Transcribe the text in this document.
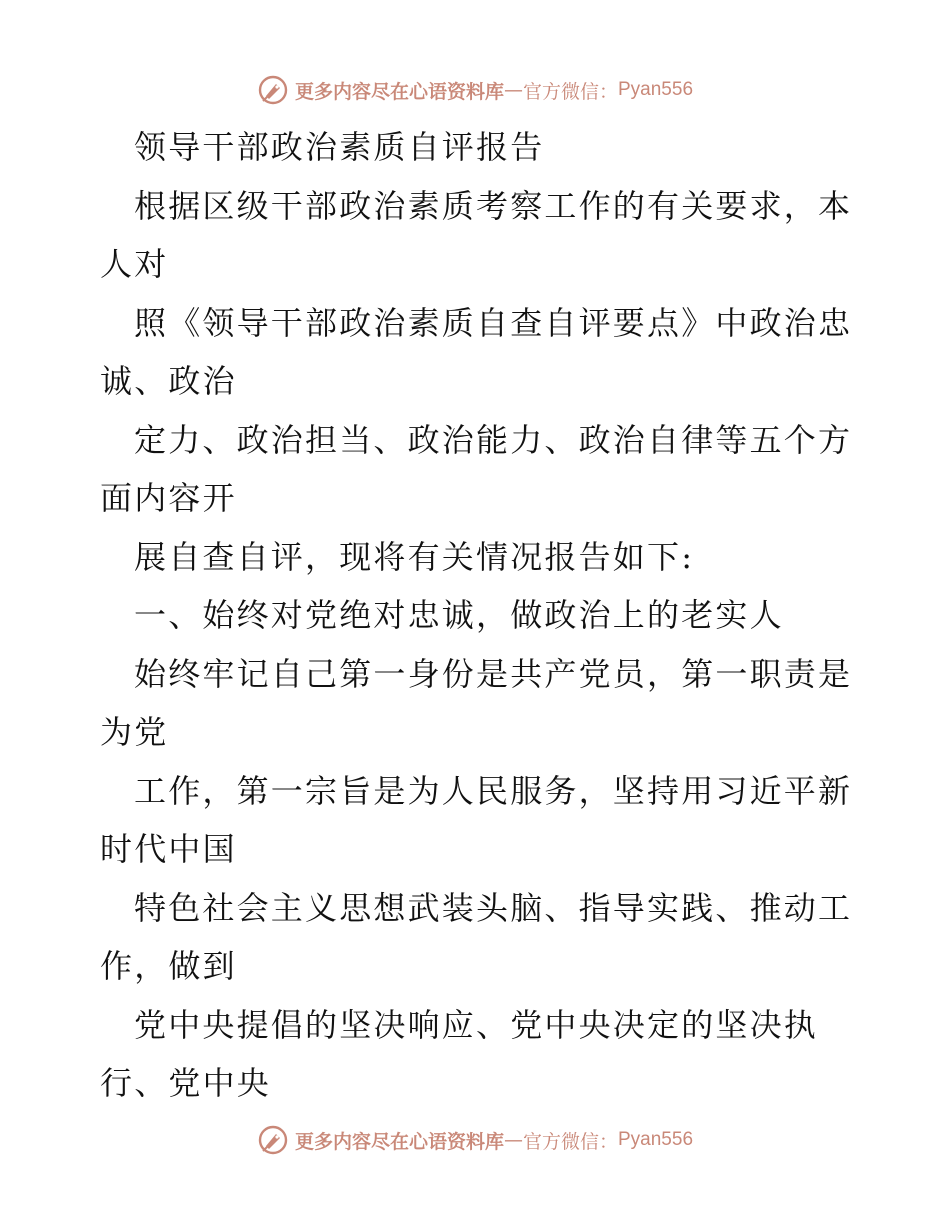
更多内容尽在心语资料库 — 官方微信： Pyan556
领导干部政治素质自评报告
根据区级干部政治素质考察工作的有关要求，本
人对
照《领导干部政治素质自查自评要点》中政治忠
诚、政治
定力、政治担当、政治能力、政治自律等五个方
面内容开
展自查自评，现将有关情况报告如下:
一、始终对党绝对忠诚，做政治上的老实人
始终牢记自己第一身份是共产党员，第一职责是
为党
工作，第一宗旨是为人民服务，坚持用习近平新
时代中国
特色社会主义思想武装头脑、指导实践、推动工
作，做到
党中央提倡的坚决响应、党中央决定的坚决执
行、党中央
更多内容尽在心语资料库 — 官方微信： Pyan556
